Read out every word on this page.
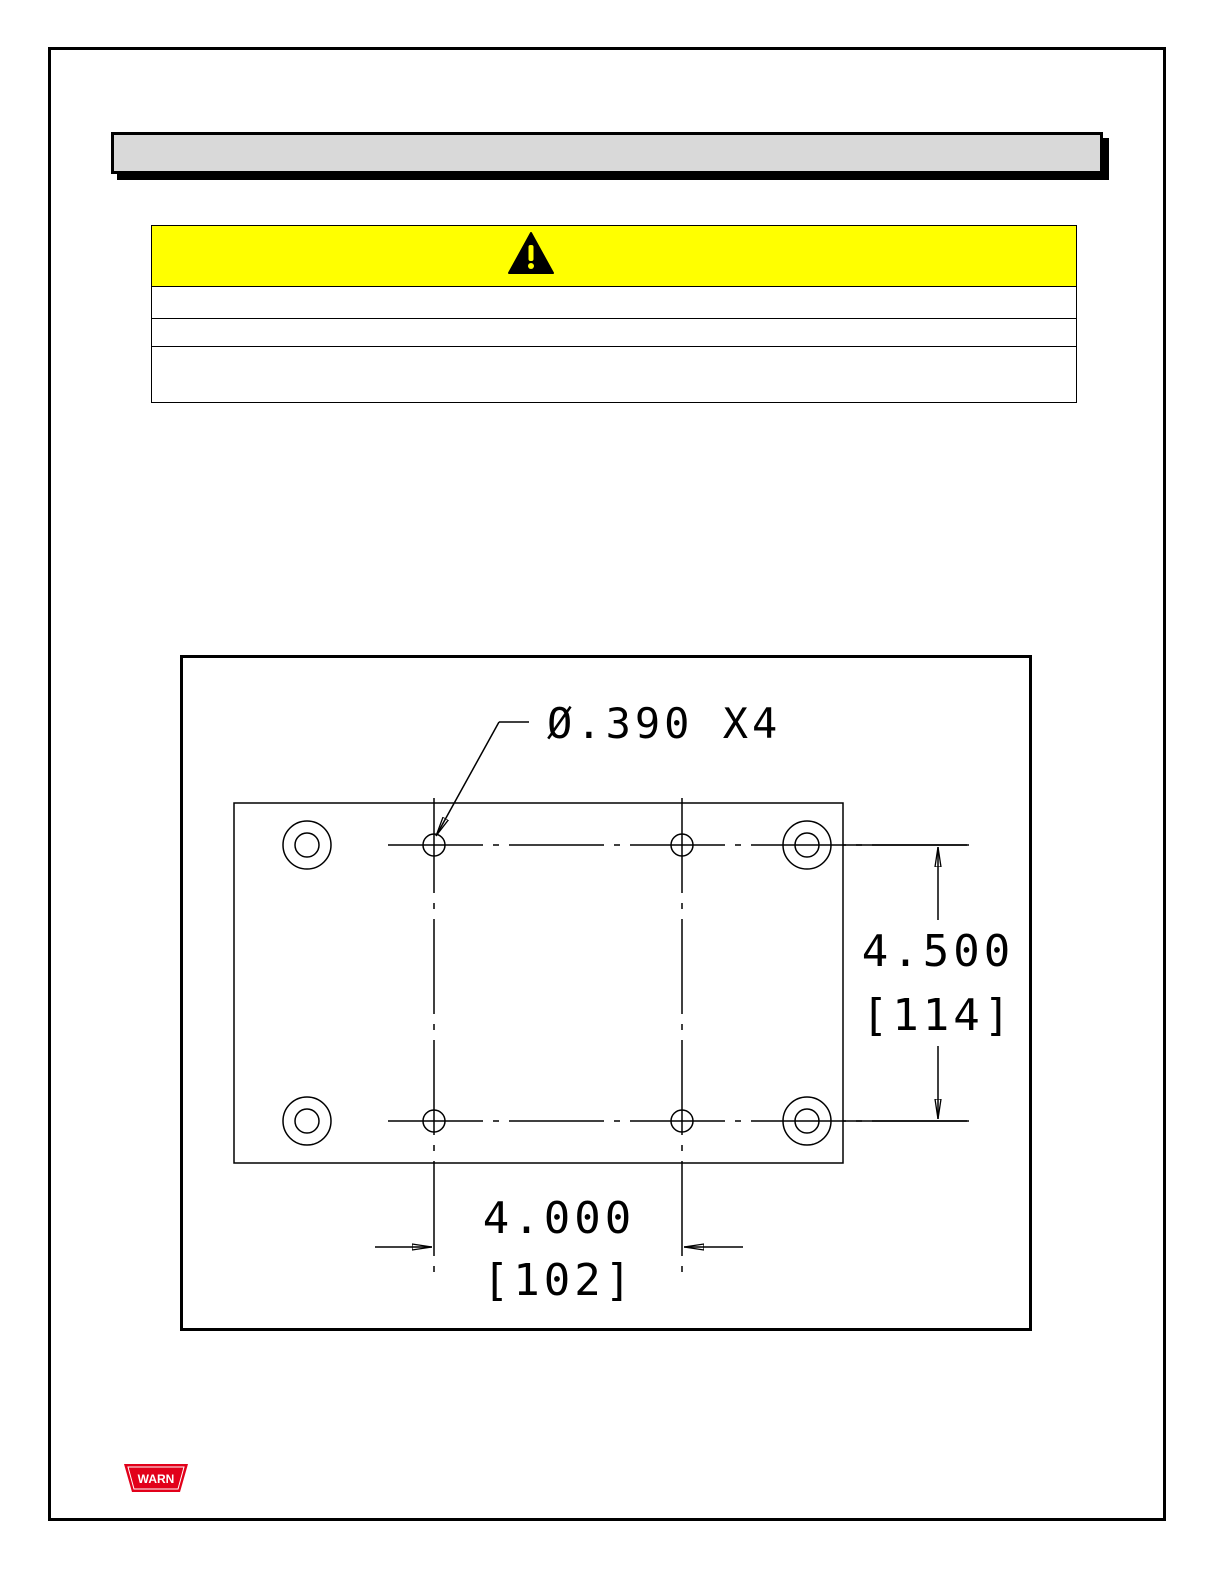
Ø.390 X4
4.500
[114]
4.000
[102]
WARN
